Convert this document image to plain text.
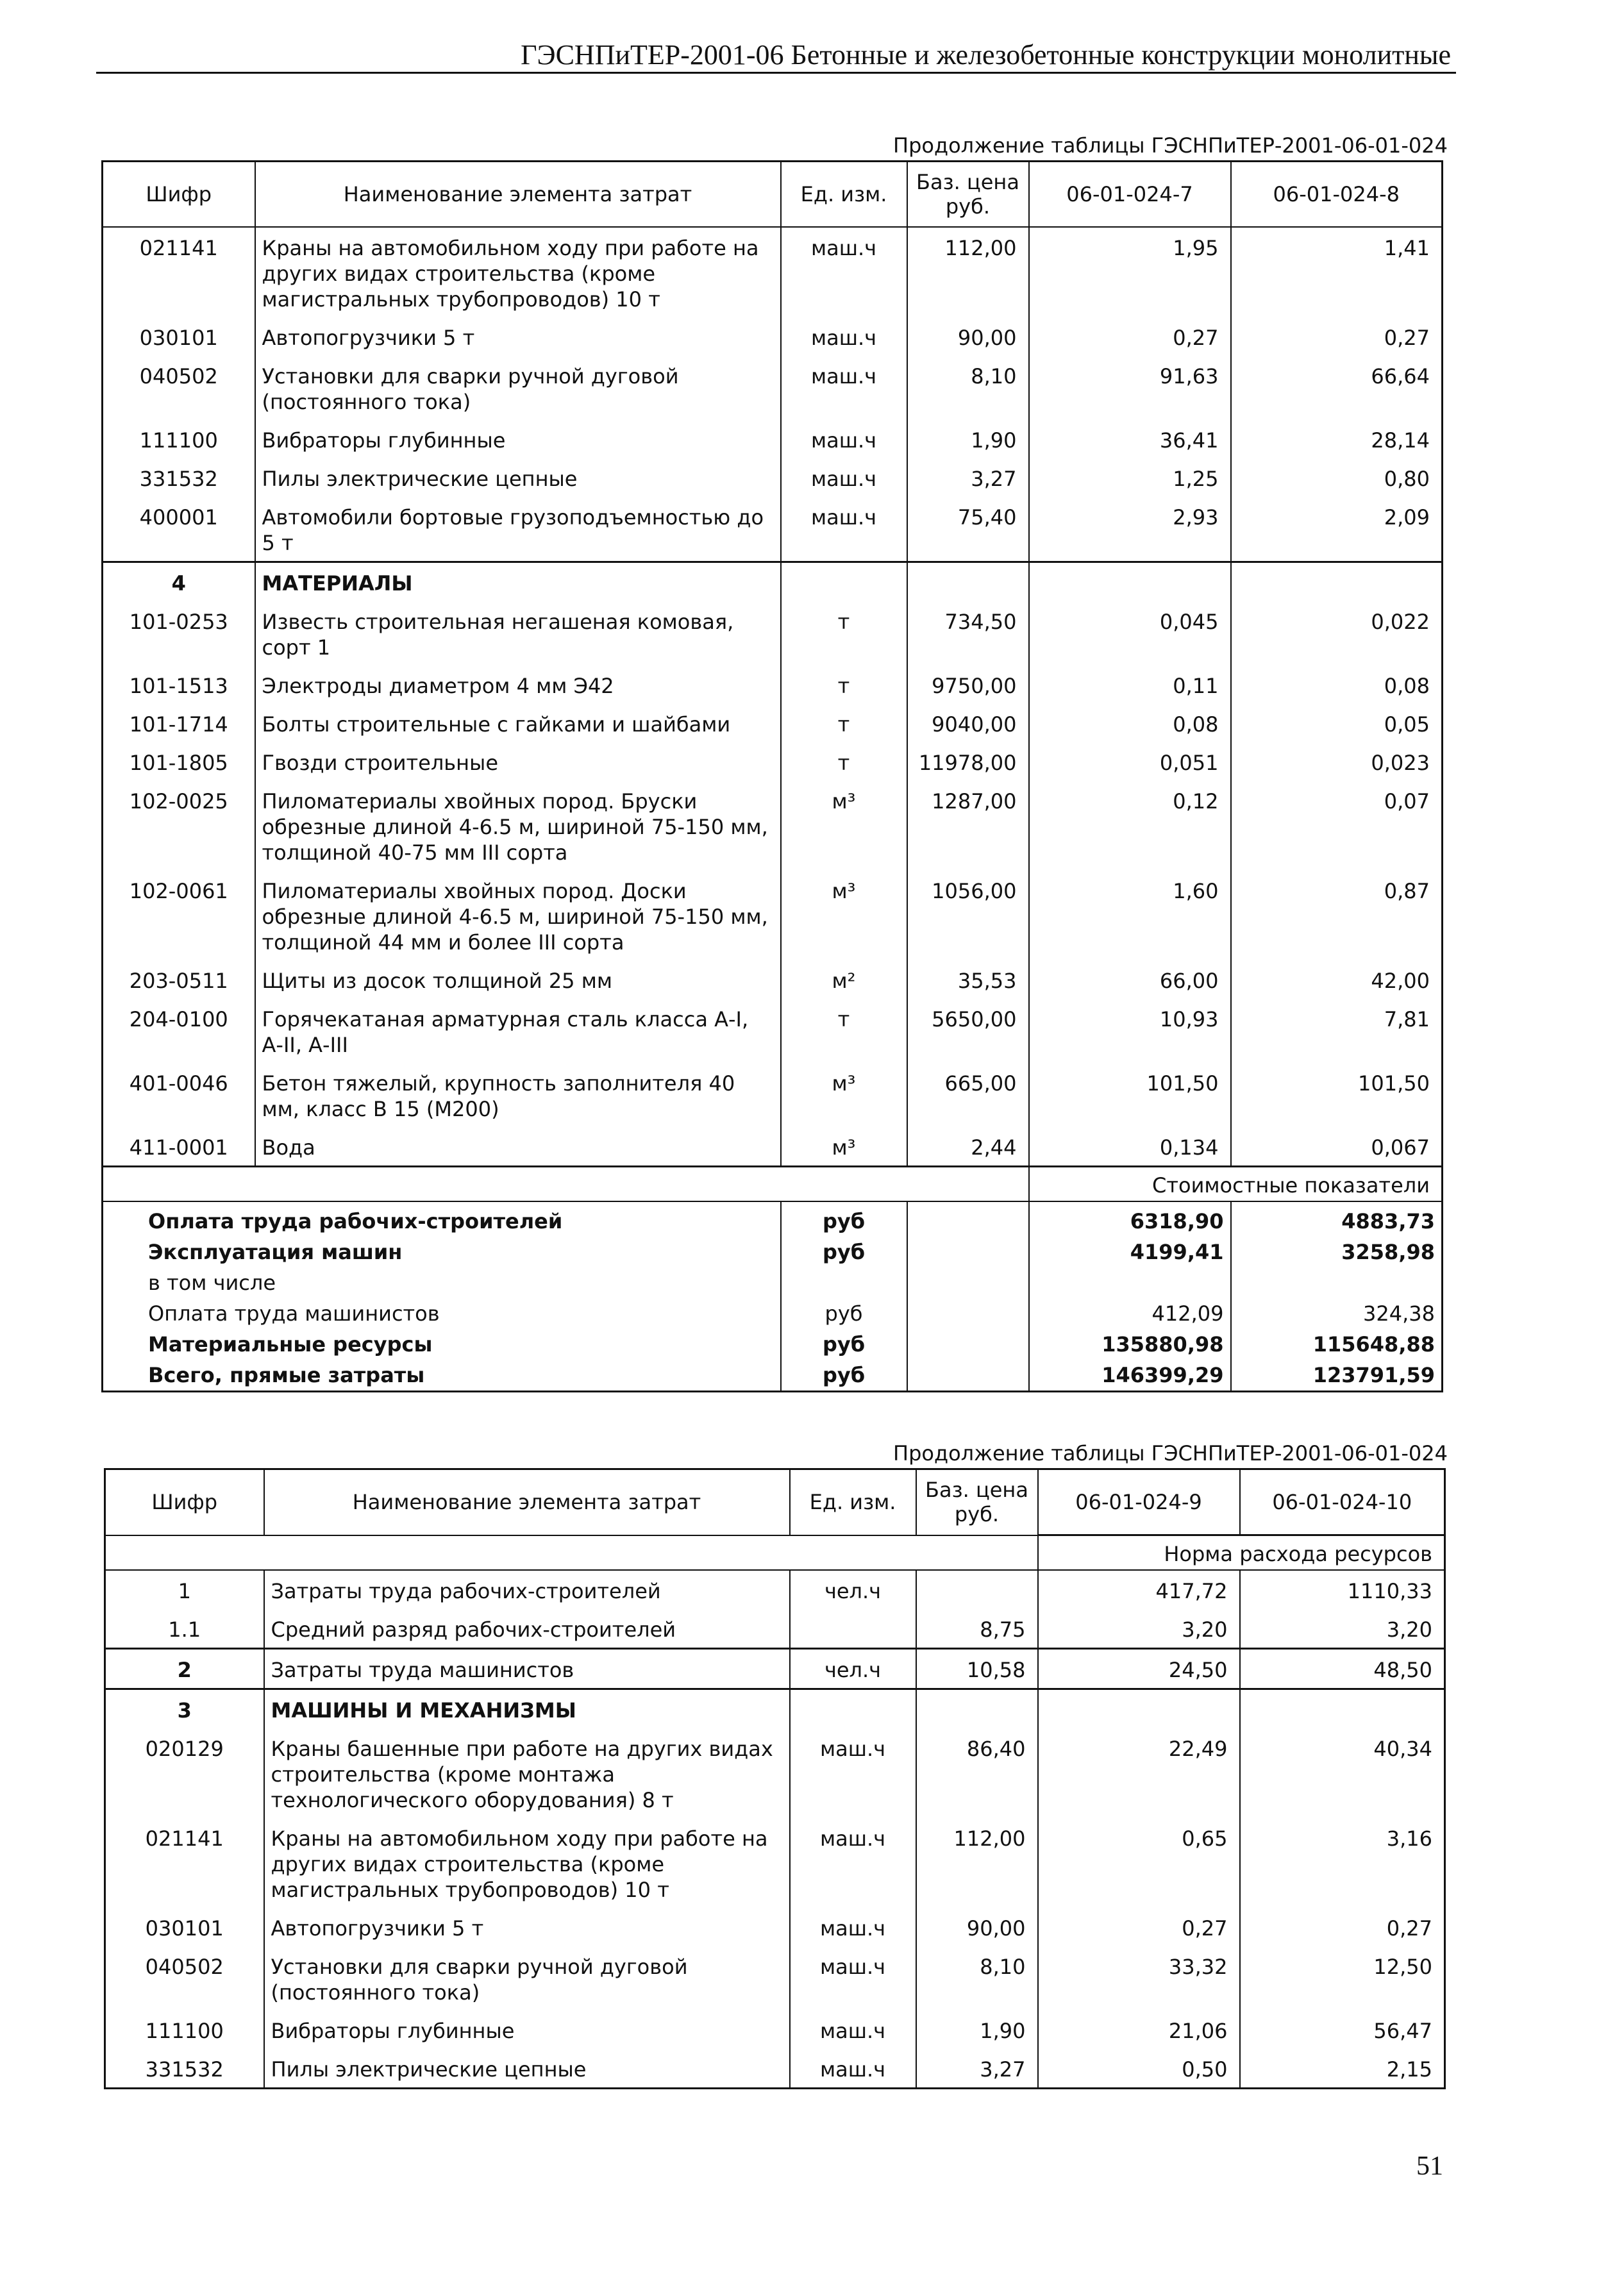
ГЭСНПиТЕР-2001-06 Бетонные и железобетонные конструкции монолитные
Продолжение таблицы ГЭСНПиТЕР-2001-06-01-024
Шифр	Наименование элемента затрат	Ед. изм.	Баз. цена руб.	06-01-024-7	06-01-024-8
021141	Краны на автомобильном ходу при работе на других видах строительства (кроме магистральных трубопроводов) 10 т	маш.ч	112,00	1,95	1,41
030101	Автопогрузчики 5 т	маш.ч	90,00	0,27	0,27
040502	Установки для сварки ручной дуговой (постоянного тока)	маш.ч	8,10	91,63	66,64
111100	Вибраторы глубинные	маш.ч	1,90	36,41	28,14
331532	Пилы электрические цепные	маш.ч	3,27	1,25	0,80
400001	Автомобили бортовые грузоподъемностью до 5 т	маш.ч	75,40	2,93	2,09
4	МАТЕРИАЛЫ				
101-0253	Известь строительная негашеная комовая, сорт 1	т	734,50	0,045	0,022
101-1513	Электроды диаметром 4 мм Э42	т	9750,00	0,11	0,08
101-1714	Болты строительные с гайками и шайбами	т	9040,00	0,08	0,05
101-1805	Гвозди строительные	т	11978,00	0,051	0,023
102-0025	Пиломатериалы хвойных пород. Бруски обрезные длиной 4-6.5 м, шириной 75-150 мм, толщиной 40-75 мм III сорта	м³	1287,00	0,12	0,07
102-0061	Пиломатериалы хвойных пород. Доски обрезные длиной 4-6.5 м, шириной 75-150 мм, толщиной 44 мм и более III сорта	м³	1056,00	1,60	0,87
203-0511	Щиты из досок толщиной 25 мм	м²	35,53	66,00	42,00
204-0100	Горячекатаная арматурная сталь класса А-I, А-II, А-III	т	5650,00	10,93	7,81
401-0046	Бетон тяжелый, крупность заполнителя 40 мм, класс В 15 (М200)	м³	665,00	101,50	101,50
411-0001	Вода	м³	2,44	0,134	0,067
				Стоимостные показатели	
Оплата труда рабочих-строителей		руб		6318,90	4883,73
Эксплуатация машин		руб		4199,41	3258,98
в том числе					
Оплата труда машинистов		руб		412,09	324,38
Материальные ресурсы		руб		135880,98	115648,88
Всего, прямые затраты		руб		146399,29	123791,59
Продолжение таблицы ГЭСНПиТЕР-2001-06-01-024
Шифр	Наименование элемента затрат	Ед. изм.	Баз. цена руб.	06-01-024-9	06-01-024-10
				Норма расхода ресурсов	
1	Затраты труда рабочих-строителей	чел.ч		417,72	1110,33
1.1	Средний разряд рабочих-строителей		8,75	3,20	3,20
2	Затраты труда машинистов	чел.ч	10,58	24,50	48,50
3	МАШИНЫ И МЕХАНИЗМЫ				
020129	Краны башенные при работе на других видах строительства (кроме монтажа технологического оборудования) 8 т	маш.ч	86,40	22,49	40,34
021141	Краны на автомобильном ходу при работе на других видах строительства (кроме магистральных трубопроводов) 10 т	маш.ч	112,00	0,65	3,16
030101	Автопогрузчики 5 т	маш.ч	90,00	0,27	0,27
040502	Установки для сварки ручной дуговой (постоянного тока)	маш.ч	8,10	33,32	12,50
111100	Вибраторы глубинные	маш.ч	1,90	21,06	56,47
331532	Пилы электрические цепные	маш.ч	3,27	0,50	2,15
51
